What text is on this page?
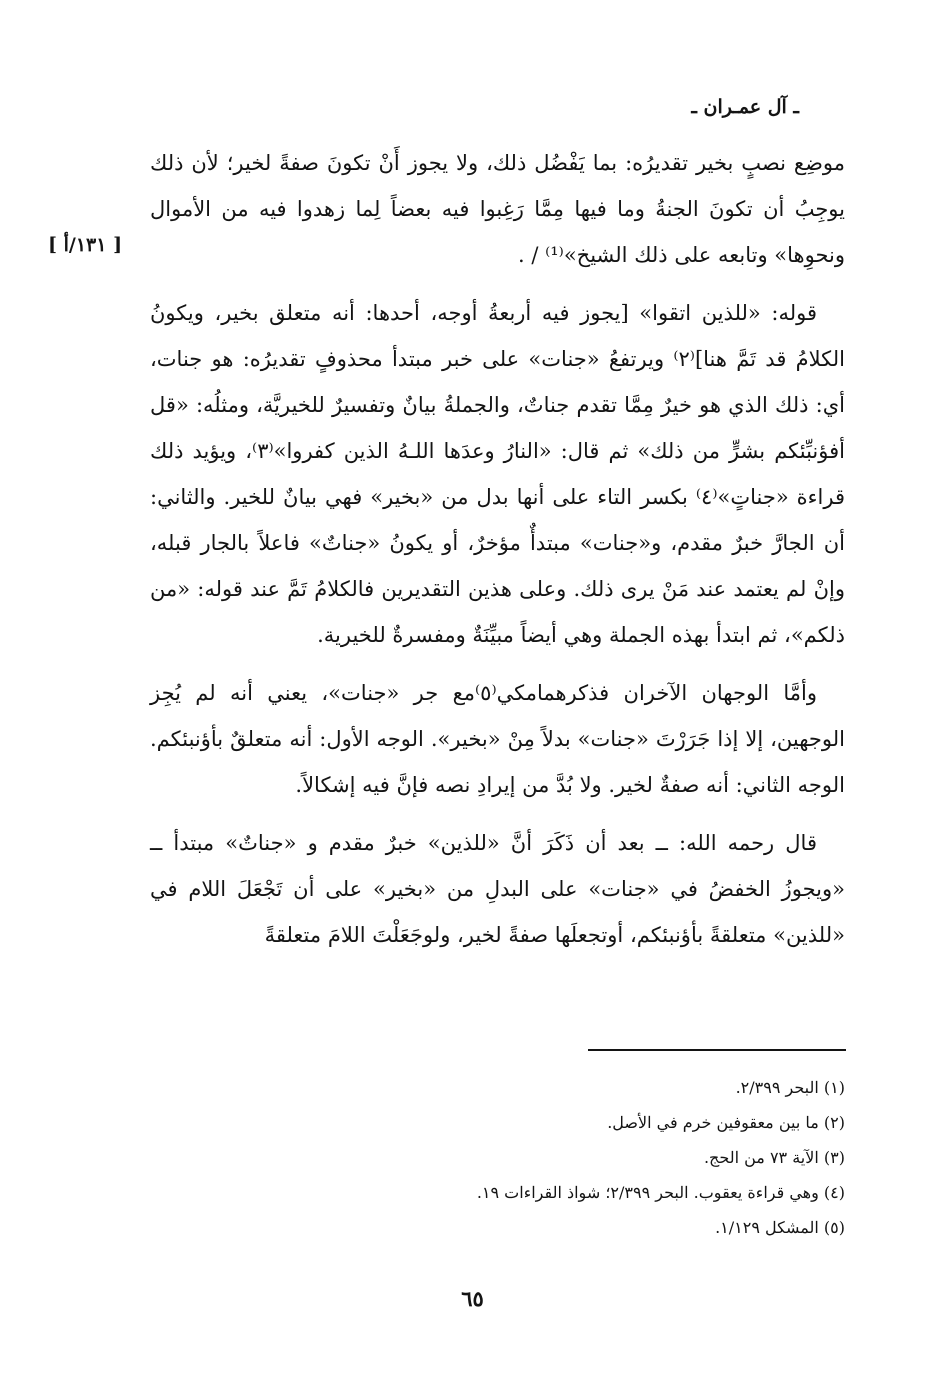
ـ آل عمـران ـ
[ ١٣١/أ ]

موضِع نصبٍ بخير تقديرُه: بما يَفْضُل ذلك، ولا يجوز أَنْ تكونَ صفةً لخير؛ لأن ذلك يوجِبُ أن تكونَ الجنةُ وما فيها مِمَّا رَغِبوا فيه بعضاً لِما زهدوا فيه من الأموال ونحوِها» وتابعه على ذلك الشيخ»⁽¹⁾ / .

قوله: «للذين اتقوا» [يجوز فيه أربعةُ أوجه، أحدها: أنه متعلق بخير، ويكونُ الكلامُ قد تَمَّ هنا]⁽٢⁾ ويرتفعُ «جنات» على خبر مبتدأ محذوفٍ تقديرُه: هو جنات، أي: ذلك الذي هو خيرٌ مِمَّا تقدم جناتٌ، والجملةُ بيانٌ وتفسيرٌ للخيريَّة، ومثلُه: «قل أفؤنبِّئكم بشرٍّ من ذلك» ثم قال: «النارُ وعدَها اللـهُ الذين كفروا»⁽٣⁾، ويؤيد ذلك قراءة «جناتٍ»⁽٤⁾ بكسر التاء على أنها بدل من «بخير» فهي بيانٌ للخير. والثاني: أن الجارَّ خبرٌ مقدم، و«جنات» مبتدأٌ مؤخرٌ، أو يكونُ «جناتٌ» فاعلاً بالجار قبله، وإنْ لم يعتمد عند مَنْ يرى ذلك. وعلى هذين التقديرين فالكلامُ تَمَّ عند قوله: «من ذلكم»، ثم ابتدأ بهذه الجملة وهي أيضاً مبيِّنَةٌ ومفسرةٌ للخيرية.

وأمَّا الوجهان الآخران فذكرهمامكي⁽٥⁾مع جر «جنات»، يعني أنه لم يُجِز الوجهين، إلا إذا جَرَرْتَ «جنات» بدلاً مِنْ «بخير». الوجه الأول: أنه متعلقٌ بأؤنبئكم. الوجه الثاني: أنه صفةٌ لخير. ولا بُدَّ من إيرادِ نصه فإنَّ فيه إشكالاً.

قال رحمه الله: ــ بعد أن ذَكَرَ أنَّ «للذين» خبرٌ مقدم و «جناتٌ» مبتدأ ــ «ويجوزُ الخفضُ في «جنات» على البدلِ من «بخير» على أن تَجْعَلَ اللام في «للذين» متعلقةً بأؤنبئكم، أوتجعلَها صفةً لخير، ولوجَعَلْتَ اللامَ متعلقةً

(١) البحر ٢/٣٩٩.
(٢) ما بين معقوفين خرم في الأصل.
(٣) الآية ٧٣ من الحج.
(٤) وهي قراءة يعقوب. البحر ٢/٣٩٩؛ شواذ القراءات ١٩.
(٥) المشكل ١/١٢٩.
٦٥
